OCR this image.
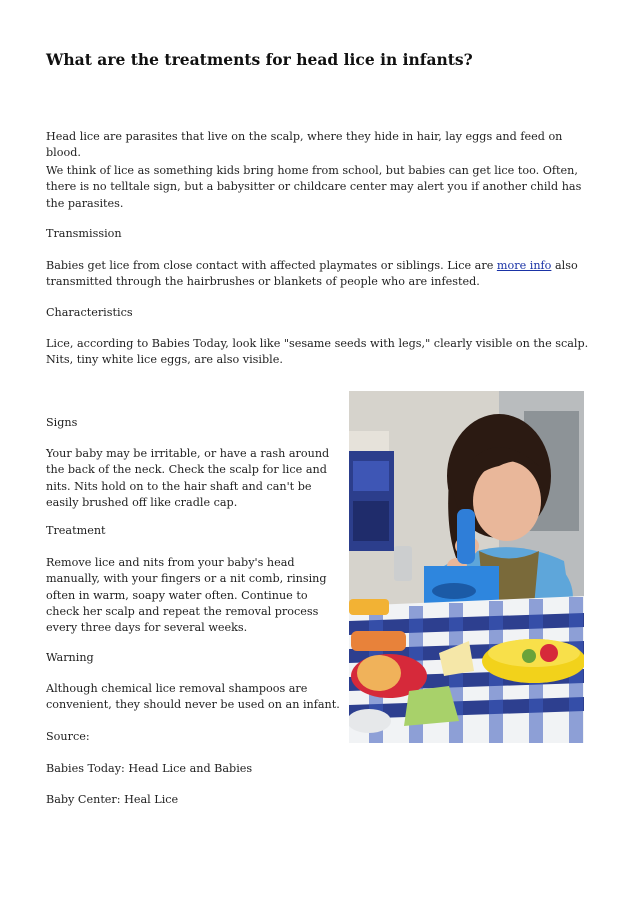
What are the treatments for head lice in infants?
Head lice are parasites that live on the scalp, where they hide in hair, lay eggs and feed on blood.
We think of lice as something kids bring home from school, but babies can get lice too. Often, there is no telltale sign, but a babysitter or childcare center may alert you if another child has the parasites.
Transmission
Babies get lice from close contact with affected playmates or siblings. Lice are more info also transmitted through the hairbrushes or blankets of people who are infested.
Characteristics
Lice, according to Babies Today, look like "sesame seeds with legs," clearly visible on the scalp. Nits, tiny white lice eggs, are also visible.
Signs
Your baby may be irritable, or have a rash around the back of the neck. Check the scalp for lice and nits. Nits hold on to the hair shaft and can't be easily brushed off like cradle cap.
Treatment
Remove lice and nits from your baby's head manually, with your fingers or a nit comb, rinsing often in warm, soapy water often. Continue to check her scalp and repeat the removal process every three days for several weeks.
Warning
Although chemical lice removal shampoos are convenient, they should never be used on an infant.
Source:
Babies Today: Head Lice and Babies
Baby Center: Heal Lice
